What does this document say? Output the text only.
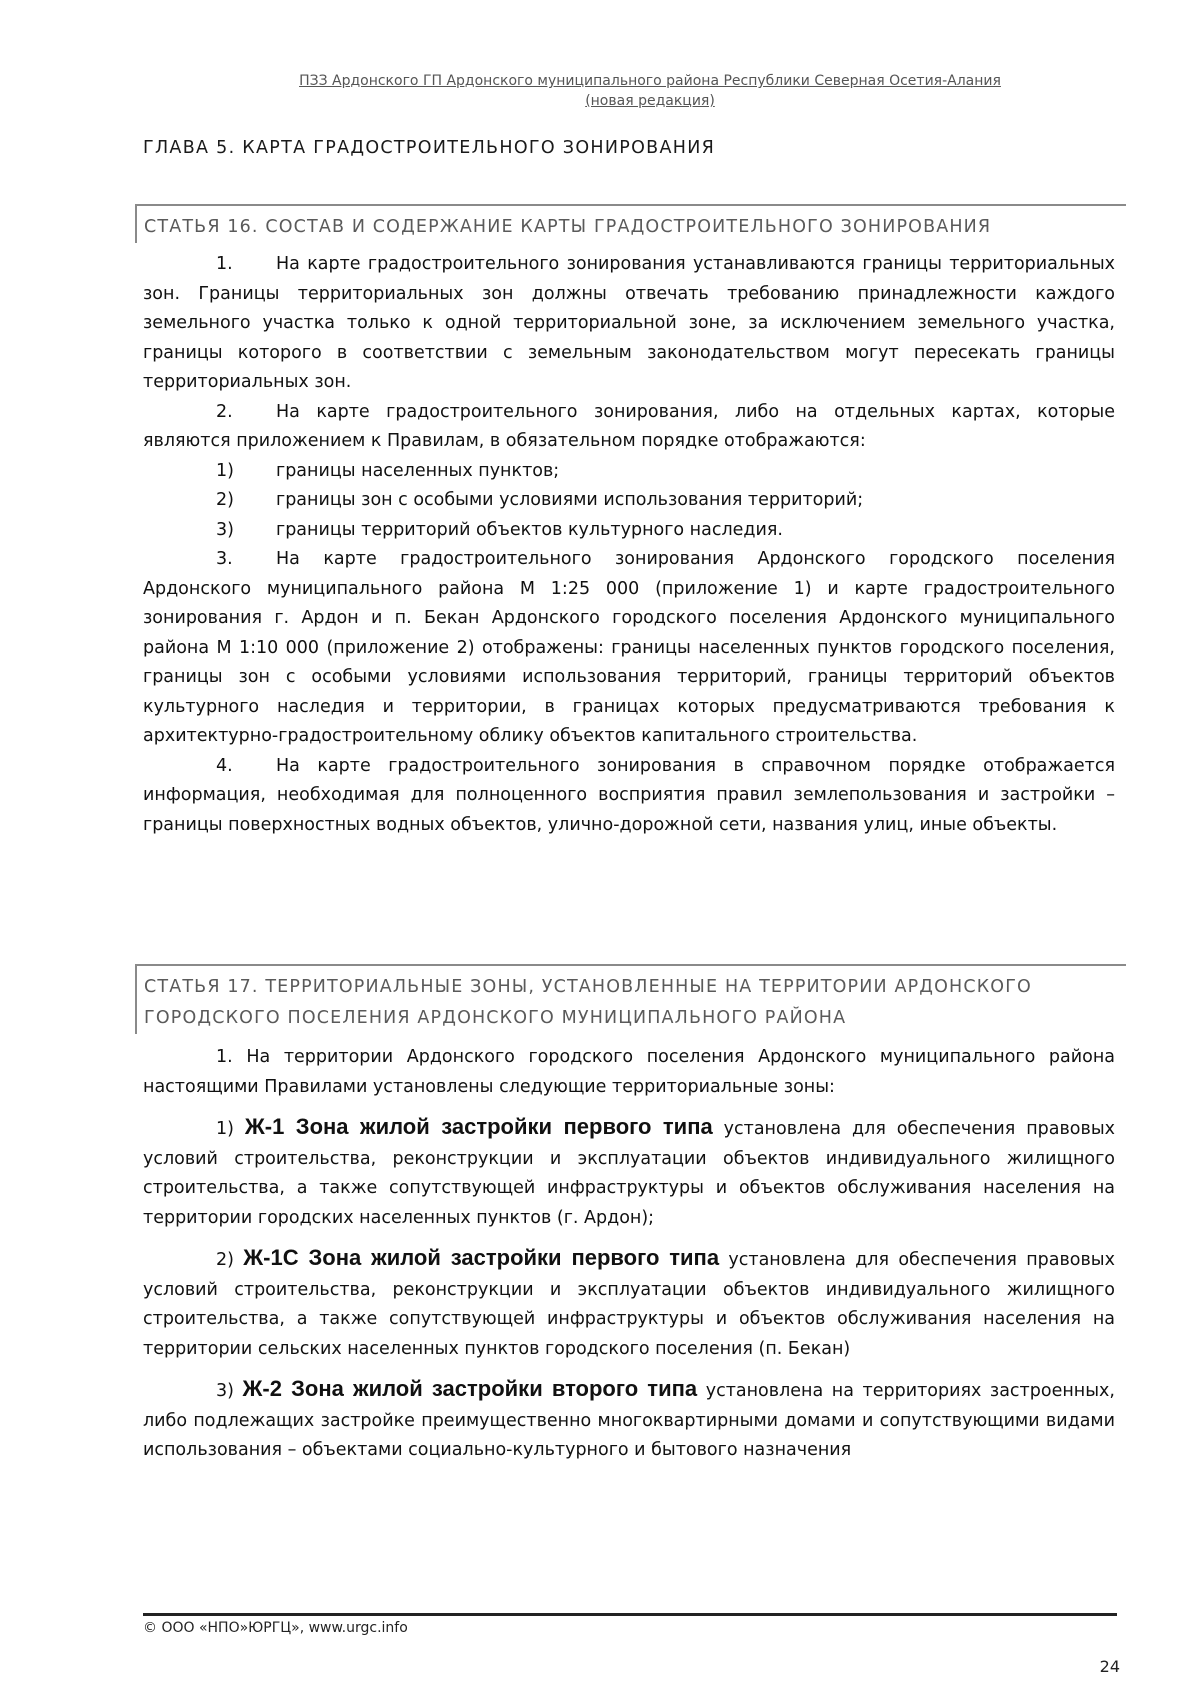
ПЗЗ Ардонского ГП Ардонского муниципального района Республики Северная Осетия-Алания
(новая редакция)
ГЛАВА 5. КАРТА ГРАДОСТРОИТЕЛЬНОГО ЗОНИРОВАНИЯ
СТАТЬЯ 16. СОСТАВ И СОДЕРЖАНИЕ КАРТЫ ГРАДОСТРОИТЕЛЬНОГО ЗОНИРОВАНИЯ

1. На карте градостроительного зонирования устанавливаются границы территориальных зон. Границы территориальных зон должны отвечать требованию принадлежности каждого земельного участка только к одной территориальной зоне, за исключением земельного участка, границы которого в соответствии с земельным законодательством могут пересекать границы территориальных зон.

2. На карте градостроительного зонирования, либо на отдельных картах, которые являются приложением к Правилам, в обязательном порядке отображаются:

1) границы населенных пунктов;

2) границы зон с особыми условиями использования территорий;

3) границы территорий объектов культурного наследия.

3. На карте градостроительного зонирования Ардонского городского поселения Ардонского муниципального района М 1:25 000 (приложение 1) и карте градостроительного зонирования г. Ардон и п. Бекан Ардонского городского поселения Ардонского муниципального района М 1:10 000 (приложение 2) отображены: границы населенных пунктов городского поселения, границы зон с особыми условиями использования территорий, границы территорий объектов культурного наследия и территории, в границах которых предусматриваются требования к архитектурно-градостроительному облику объектов капитального строительства.

4. На карте градостроительного зонирования в справочном порядке отображается информация, необходимая для полноценного восприятия правил землепользования и застройки – границы поверхностных водных объектов, улично-дорожной сети, названия улиц, иные объекты.

СТАТЬЯ 17. ТЕРРИТОРИАЛЬНЫЕ ЗОНЫ, УСТАНОВЛЕННЫЕ НА ТЕРРИТОРИИ АРДОНСКОГО
ГОРОДСКОГО ПОСЕЛЕНИЯ АРДОНСКОГО МУНИЦИПАЛЬНОГО РАЙОНА

1. На территории Ардонского городского поселения Ардонского муниципального района настоящими Правилами установлены следующие территориальные зоны:

1) Ж-1 Зона жилой застройки первого типа установлена для обеспечения правовых условий строительства, реконструкции и эксплуатации объектов индивидуального жилищного строительства, а также сопутствующей инфраструктуры и объектов обслуживания населения на территории городских населенных пунктов (г. Ардон);

2) Ж-1С Зона жилой застройки первого типа установлена для обеспечения правовых условий строительства, реконструкции и эксплуатации объектов индивидуального жилищного строительства, а также сопутствующей инфраструктуры и объектов обслуживания населения на территории сельских населенных пунктов городского поселения (п. Бекан)

3) Ж-2 Зона жилой застройки второго типа установлена на территориях застроенных, либо подлежащих застройке преимущественно многоквартирными домами и сопутствующими видами использования – объектами социально-культурного и бытового назначения

© ООО «НПО»ЮРГЦ», www.urgc.info
24
